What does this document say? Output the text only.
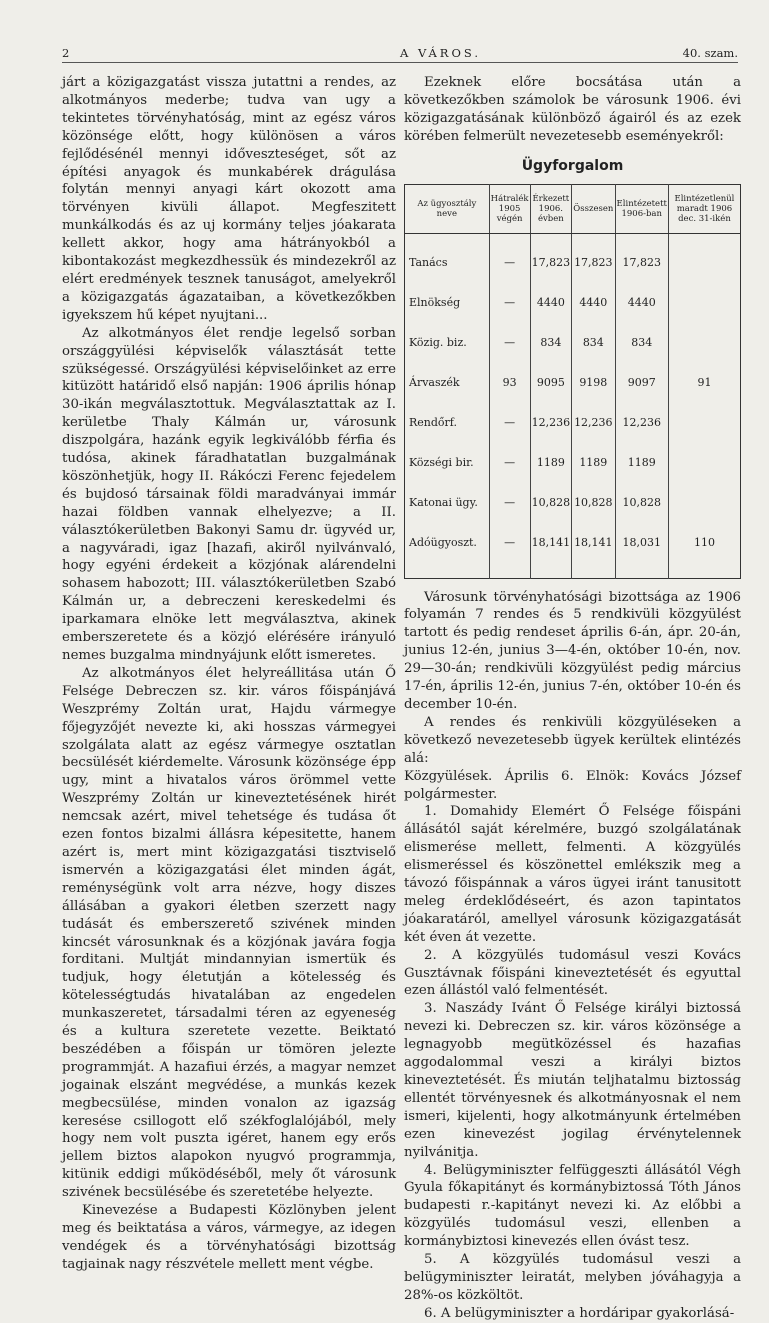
2	A VÁROS.	40. szam.

járt a közigazgatást vissza jutattni a rendes, az alkotmányos mederbe; tudva van ugy a tekintetes törvényhatóság, mint az egész város közönsége előtt, hogy különösen a város fejlődésénél mennyi időveszteséget, sőt az építési anyagok és munkabérek drágulása folytán mennyi anyagi kárt okozott ama törvényen kivüli állapot. Megfeszitett munkálkodás és az uj kormány teljes jóakarata kellett akkor, hogy ama hátrányokból a kibontakozást megkezdhessük és mindezekről az elért eredmények tesznek tanuságot, amelyekről a közigazgatás ágazataiban, a következőkben igyekszem hű képet nyujtani...

Az alkotmányos élet rendje legelső sorban országgyülési képviselők választását tette szükségessé. Országyülési képviselőinket az erre kitüzött határidő első napján: 1906 április hónap 30-ikán megválasztottuk. Megválasztattak az I. kerületbe Thaly Kálmán ur, városunk diszpolgára, hazánk egyik legkiválóbb férfia és tudósa, akinek fáradhatatlan buzgalmának köszönhetjük, hogy II. Rákóczi Ferenc fejedelem és bujdosó társainak földi maradványai immár hazai földben vannak elhelyezve; a II. választókerületben Bakonyi Samu dr. ügyvéd ur, a nagyváradi, igaz [hazafi, akiről nyilvánvaló, hogy egyéni érdekeit a közjónak alárendelni sohasem habozott; III. választókerületben Szabó Kálmán ur, a debreczeni kereskedelmi és iparkamara elnöke lett megválasztva, akinek emberszeretete és a közjó elérésére irányuló nemes buzgalma mindnyájunk előtt ismeretes.

Az alkotmányos élet helyreállitása után Ő Felsége Debreczen sz. kir. város főispánjává Weszprémy Zoltán urat, Hajdu vármegye főjegyzőjét nevezte ki, aki hosszas vármegyei szolgálata alatt az egész vármegye osztatlan becsülését kiérdemelte. Városunk közönsége épp ugy, mint a hivatalos város örömmel vette Weszprémy Zoltán ur kineveztetésének hirét nemcsak azért, mivel tehetsége és tudása őt ezen fontos bizalmi állásra képesitette, hanem azért is, mert mint közigazgatási tisztviselő ismervén a közigazgatási élet minden ágát, reménységünk volt arra nézve, hogy diszes állásában a gyakori életben szerzett nagy tudását és emberszerető szivének minden kincsét városunknak és a közjónak javára fogja forditani. Multját mindannyian ismertük és tudjuk, hogy életutján a kötelesség és kötelességtudás hivatalában az engedelen munkaszeretet, társadalmi téren az egyeneség és a kultura szeretete vezette. Beiktató beszédében a főispán ur tömören jelezte programmját. A hazafiui érzés, a magyar nemzet jogainak elszánt megvédése, a munkás kezek megbecsülése, minden vonalon az igazság keresése csillogott elő székfoglalójából, mely hogy nem volt puszta igéret, hanem egy erős jellem biztos alapokon nyugvó programmja, kitünik eddigi működéséből, mely őt városunk szivének becsülésébe és szeretetébe helyezte.

Kinevezése a Budapesti Közlönyben jelent meg és beiktatása a város, vármegye, az idegen vendégek és a törvényhatósági bizottság tagjainak nagy részvétele mellett ment végbe.

Ezeknek előre bocsátása után a következőkben számolok be városunk 1906. évi közigazgatásának különböző ágairól és az ezek körében felmerült nevezetesebb eseményekről:

Ügyforgalom
Az ügyosztály neve	Hátralék 1905 végén	Érkezett 1906. évben	Összesen	Elintézetett 1906-ban	Elintézetlenül maradt 1906 dec. 31-ikén

Tanács	—	17,823	17,823	17,823	

Elnökség	—	4440	4440	4440	

Közig. biz.	—	834	834	834	

Árvaszék	93	9095	9198	9097	91

Rendőrf.	—	12,236	12,236	12,236	

Községi bir.	—	1189	1189	1189	

Katonai ügy.	—	10,828	10,828	10,828	

Adóügyoszt.	—	18,141	18,141	18,031	110

Városunk törvényhatósági bizottsága az 1906 folyamán 7 rendes és 5 rendkivüli közgyülést tartott és pedig rendeset április 6-án, ápr. 20-án, junius 12-én, junius 3—4-én, október 10-én, nov. 29—30-án; rendkivüli közgyülést pedig március 17-én, április 12-én, junius 7-én, október 10-én és december 10-én.

A rendes és renkivüli közgyüléseken a következő nevezetesebb ügyek kerültek elintézés alá:

Közgyülések. Április 6. Elnök: Kovács József polgármester.

1. Domahidy Elemért Ő Felsége főispáni állásától saját kérelmére, buzgó szolgálatának elismerése mellett, felmenti. A közgyülés elismeréssel és köszönettel emlékszik meg a távozó főispánnak a város ügyei iránt tanusitott meleg érdeklődéseért, és azon tapintatos jóakaratáról, amellyel városunk közigazgatását két éven át vezette.

2. A közgyülés tudomásul veszi Kovács Gusztávnak főispáni kineveztetését és egyuttal ezen állástól való felmentését.

3. Naszády Ivánt Ő Felsége királyi biztossá nevezi ki. Debreczen sz. kir. város közönsége a legnagyobb megütközéssel és hazafias aggodalommal veszi a királyi biztos kineveztetését. És miután teljhatalmu biztosság ellentét törvényesnek és alkotmányosnak el nem ismeri, kijelenti, hogy alkotmányunk értelmében ezen kinevezést jogilag érvénytelennek nyilvánitja.

4. Belügyminiszter felfüggeszti állásától Végh Gyula főkapitányt és kormánybiztossá Tóth János budapesti r.-kapitányt nevezi ki. Az előbbi a közgyülés tudomásul veszi, ellenben a kormánybiztosi kinevezés ellen óvást tesz.

5. A közgyülés tudomásul veszi a belügyminiszter leiratát, melyben jóváhagyja a 28%-os közköltöt.

6. A belügyminiszter a hordáripar gyakorlásá-
